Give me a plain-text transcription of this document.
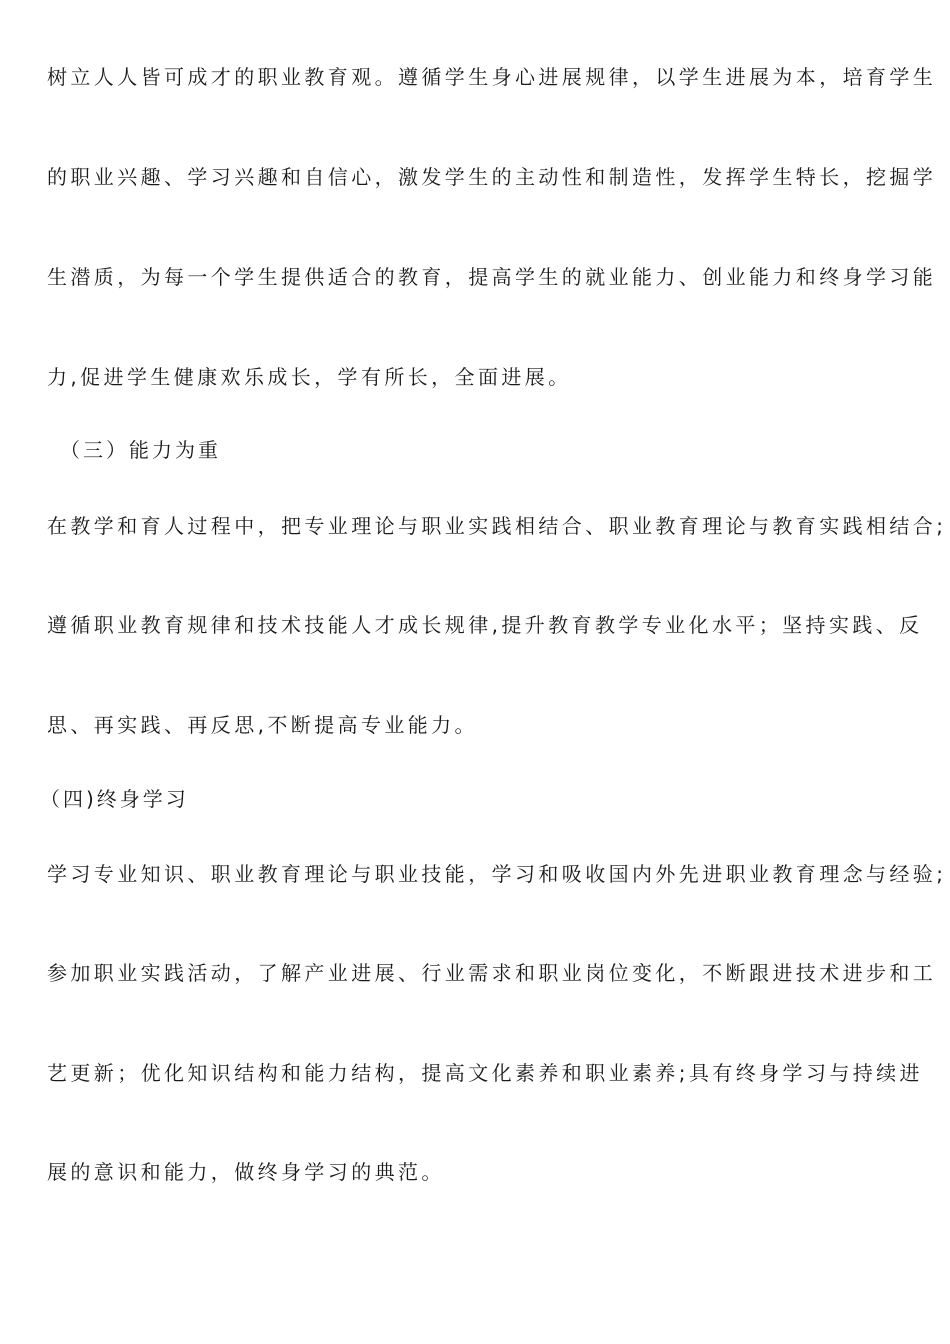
树立人人皆可成才的职业教育观。遵循学生身心进展规律，以学生进展为本，培育学生
的职业兴趣、学习兴趣和自信心，激发学生的主动性和制造性，发挥学生特长，挖掘学
生潜质，为每一个学生提供适合的教育，提高学生的就业能力、创业能力和终身学习能
力,促进学生健康欢乐成长，学有所长，全面进展。
（三）能力为重
在教学和育人过程中，把专业理论与职业实践相结合、职业教育理论与教育实践相结合;
遵循职业教育规律和技术技能人才成长规律,提升教育教学专业化水平；坚持实践、反
思、再实践、再反思,不断提高专业能力。
（四)终身学习
学习专业知识、职业教育理论与职业技能，学习和吸收国内外先进职业教育理念与经验;
参加职业实践活动，了解产业进展、行业需求和职业岗位变化，不断跟进技术进步和工
艺更新；优化知识结构和能力结构，提高文化素养和职业素养;具有终身学习与持续进
展的意识和能力，做终身学习的典范。
